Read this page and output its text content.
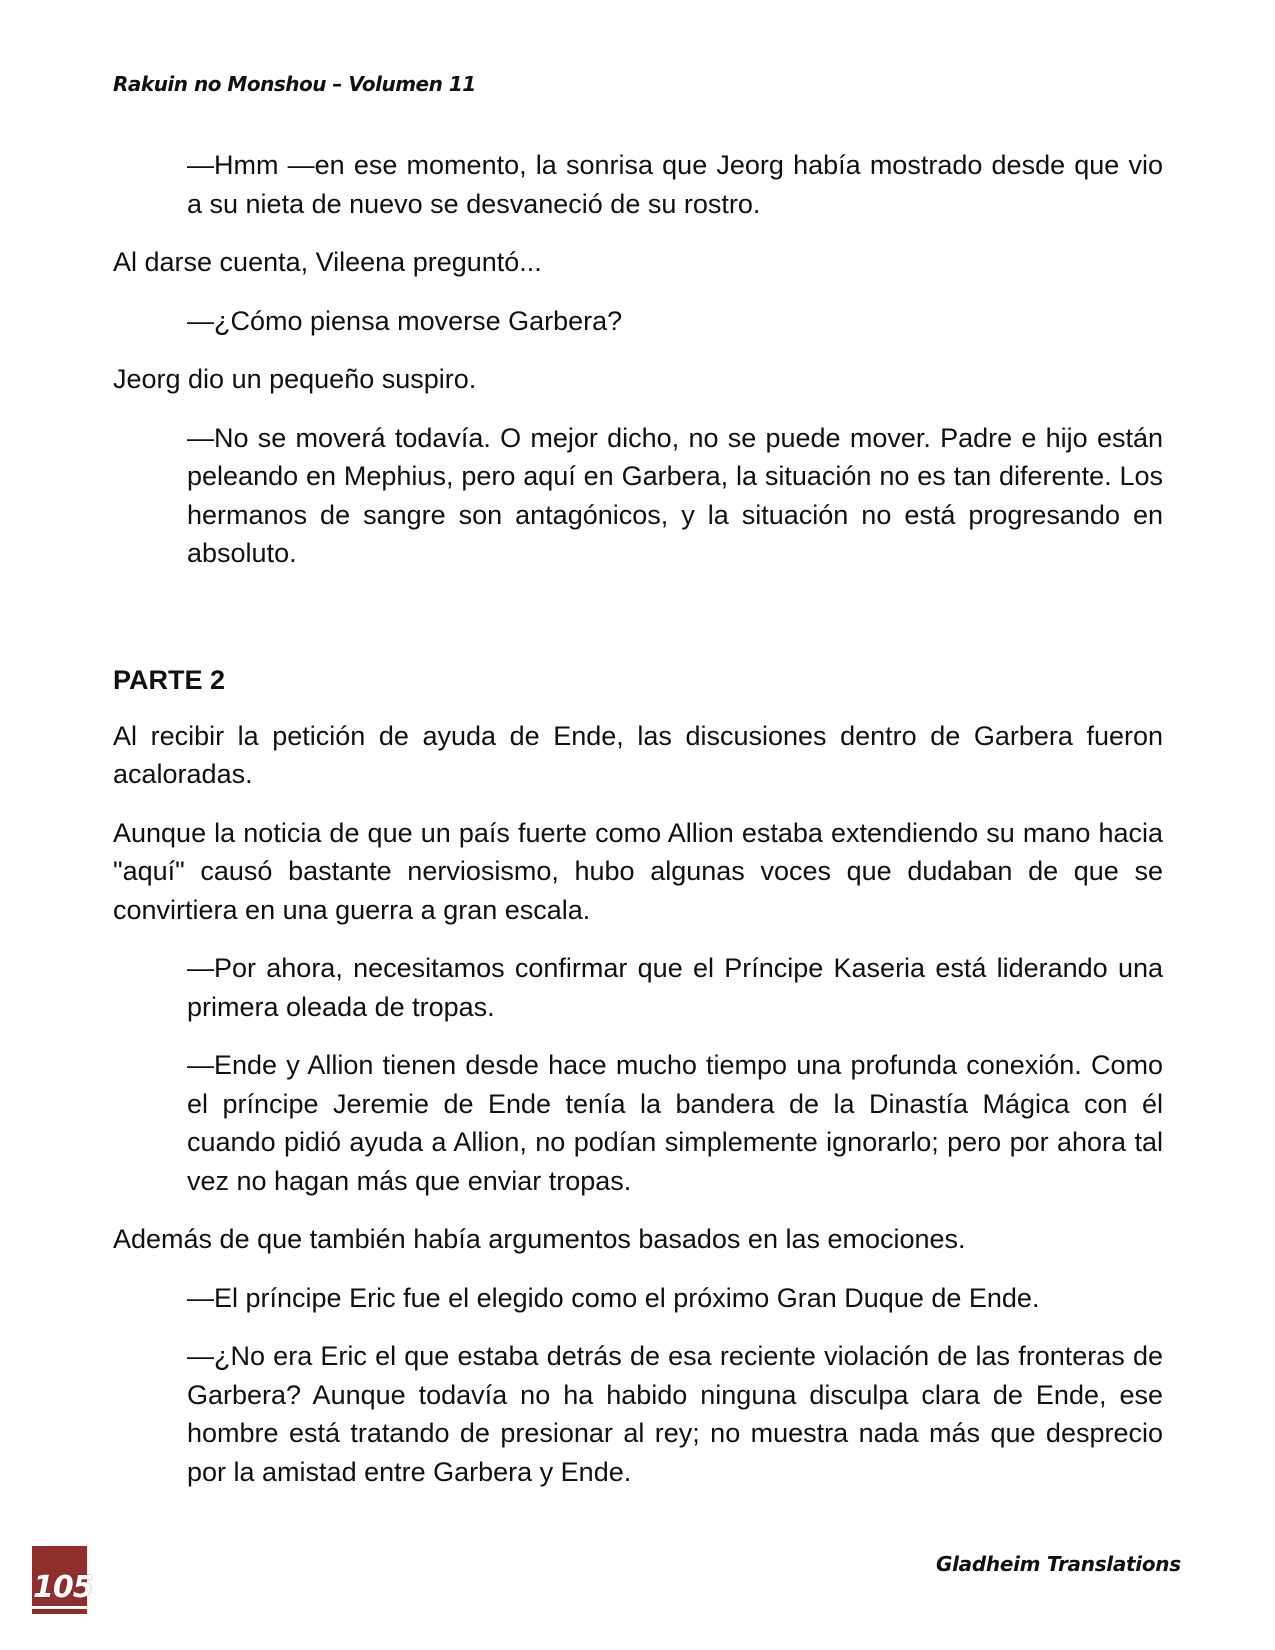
Rakuin no Monshou – Volumen 11

—Hmm —en ese momento, la sonrisa que Jeorg había mostrado desde que vio a su nieta de nuevo se desvaneció de su rostro.

Al darse cuenta, Vileena preguntó...

—¿Cómo piensa moverse Garbera?

Jeorg dio un pequeño suspiro.

—No se moverá todavía. O mejor dicho, no se puede mover. Padre e hijo están peleando en Mephius, pero aquí en Garbera, la situación no es tan diferente. Los hermanos de sangre son antagónicos, y la situación no está progresando en absoluto.

PARTE 2

Al recibir la petición de ayuda de Ende, las discusiones dentro de Garbera fueron acaloradas.

Aunque la noticia de que un país fuerte como Allion estaba extendiendo su mano hacia "aquí" causó bastante nerviosismo, hubo algunas voces que dudaban de que se convirtiera en una guerra a gran escala.

—Por ahora, necesitamos confirmar que el Príncipe Kaseria está liderando una primera oleada de tropas.

—Ende y Allion tienen desde hace mucho tiempo una profunda conexión. Como el príncipe Jeremie de Ende tenía la bandera de la Dinastía Mágica con él cuando pidió ayuda a Allion, no podían simplemente ignorarlo; pero por ahora tal vez no hagan más que enviar tropas.

Además de que también había argumentos basados en las emociones.

—El príncipe Eric fue el elegido como el próximo Gran Duque de Ende.

—¿No era Eric el que estaba detrás de esa reciente violación de las fronteras de Garbera? Aunque todavía no ha habido ninguna disculpa clara de Ende, ese hombre está tratando de presionar al rey; no muestra nada más que desprecio por la amistad entre Garbera y Ende.

105
Gladheim Translations
